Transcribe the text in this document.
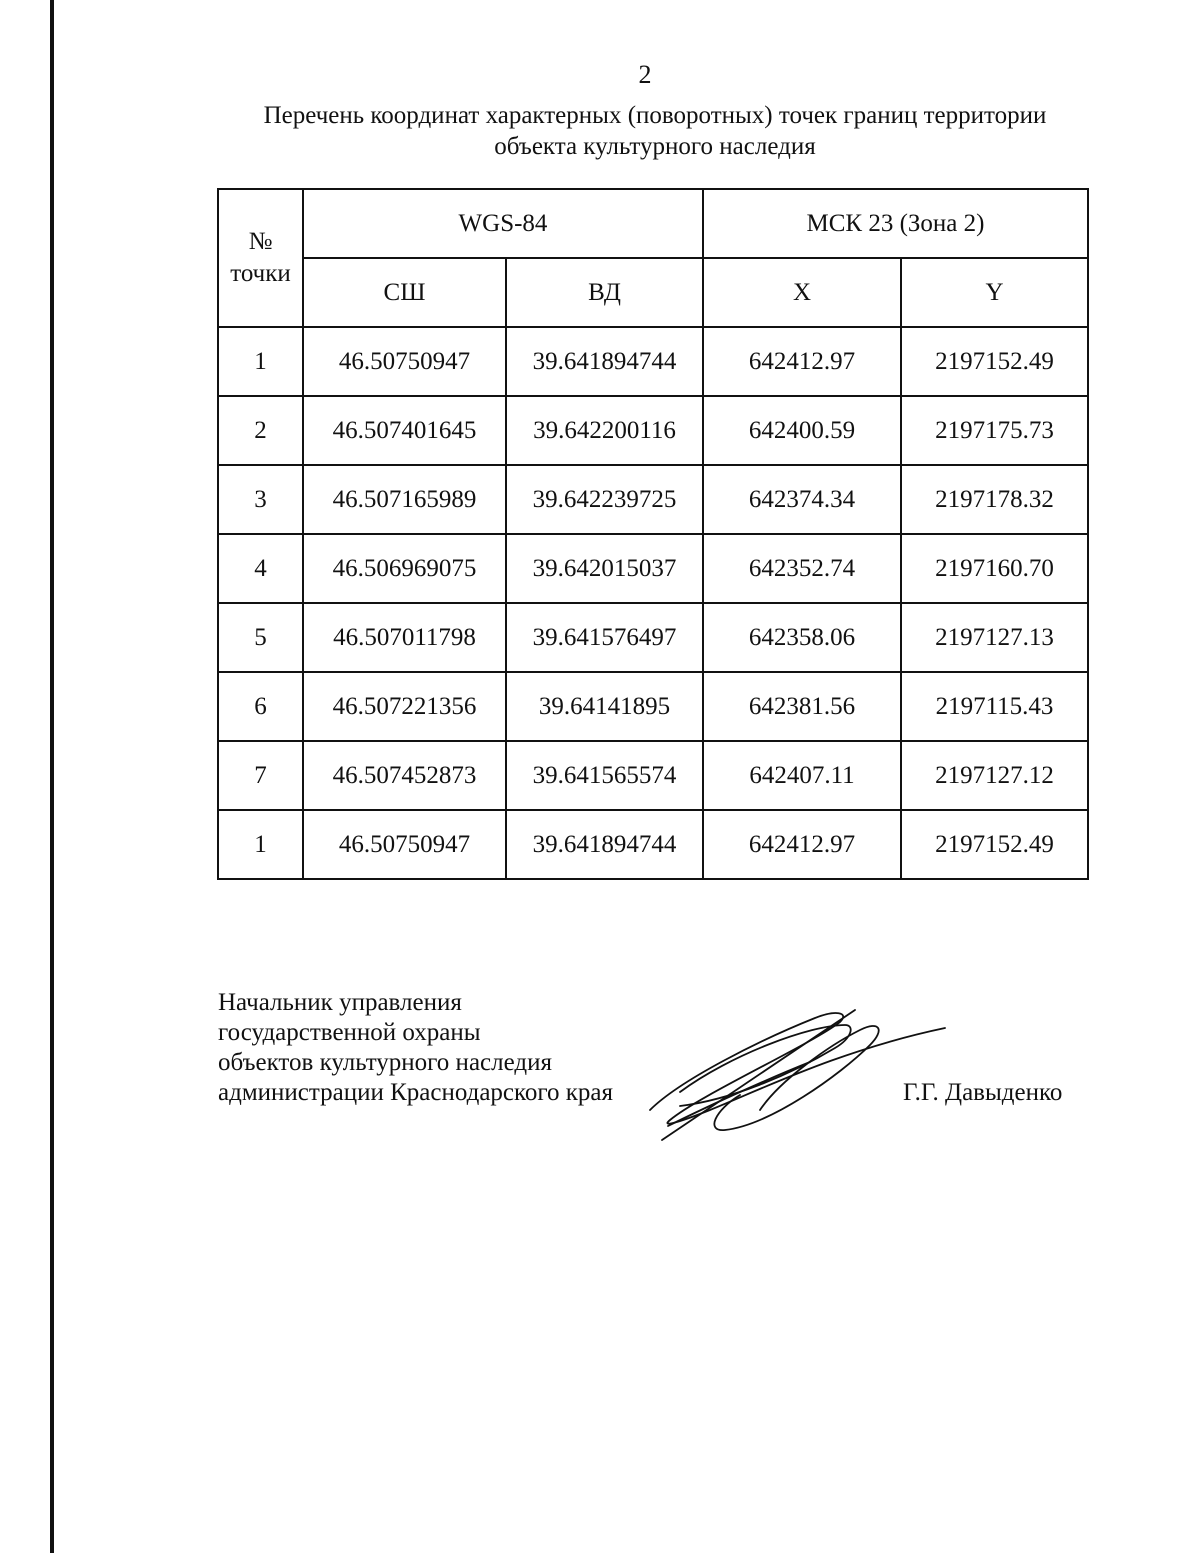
2
Перечень координат характерных (поворотных) точек границ территории
объекта культурного наследия
№
точки	WGS-84		МСК 23 (Зона 2)	
	СШ	ВД	X	Y
1	46.50750947	39.641894744	642412.97	2197152.49
2	46.507401645	39.642200116	642400.59	2197175.73
3	46.507165989	39.642239725	642374.34	2197178.32
4	46.506969075	39.642015037	642352.74	2197160.70
5	46.507011798	39.641576497	642358.06	2197127.13
6	46.507221356	39.64141895	642381.56	2197115.43
7	46.507452873	39.641565574	642407.11	2197127.12
1	46.50750947	39.641894744	642412.97	2197152.49
Начальник управления
государственной охраны
объектов культурного наследия
администрации Краснодарского края	Г.Г. Давыденко
